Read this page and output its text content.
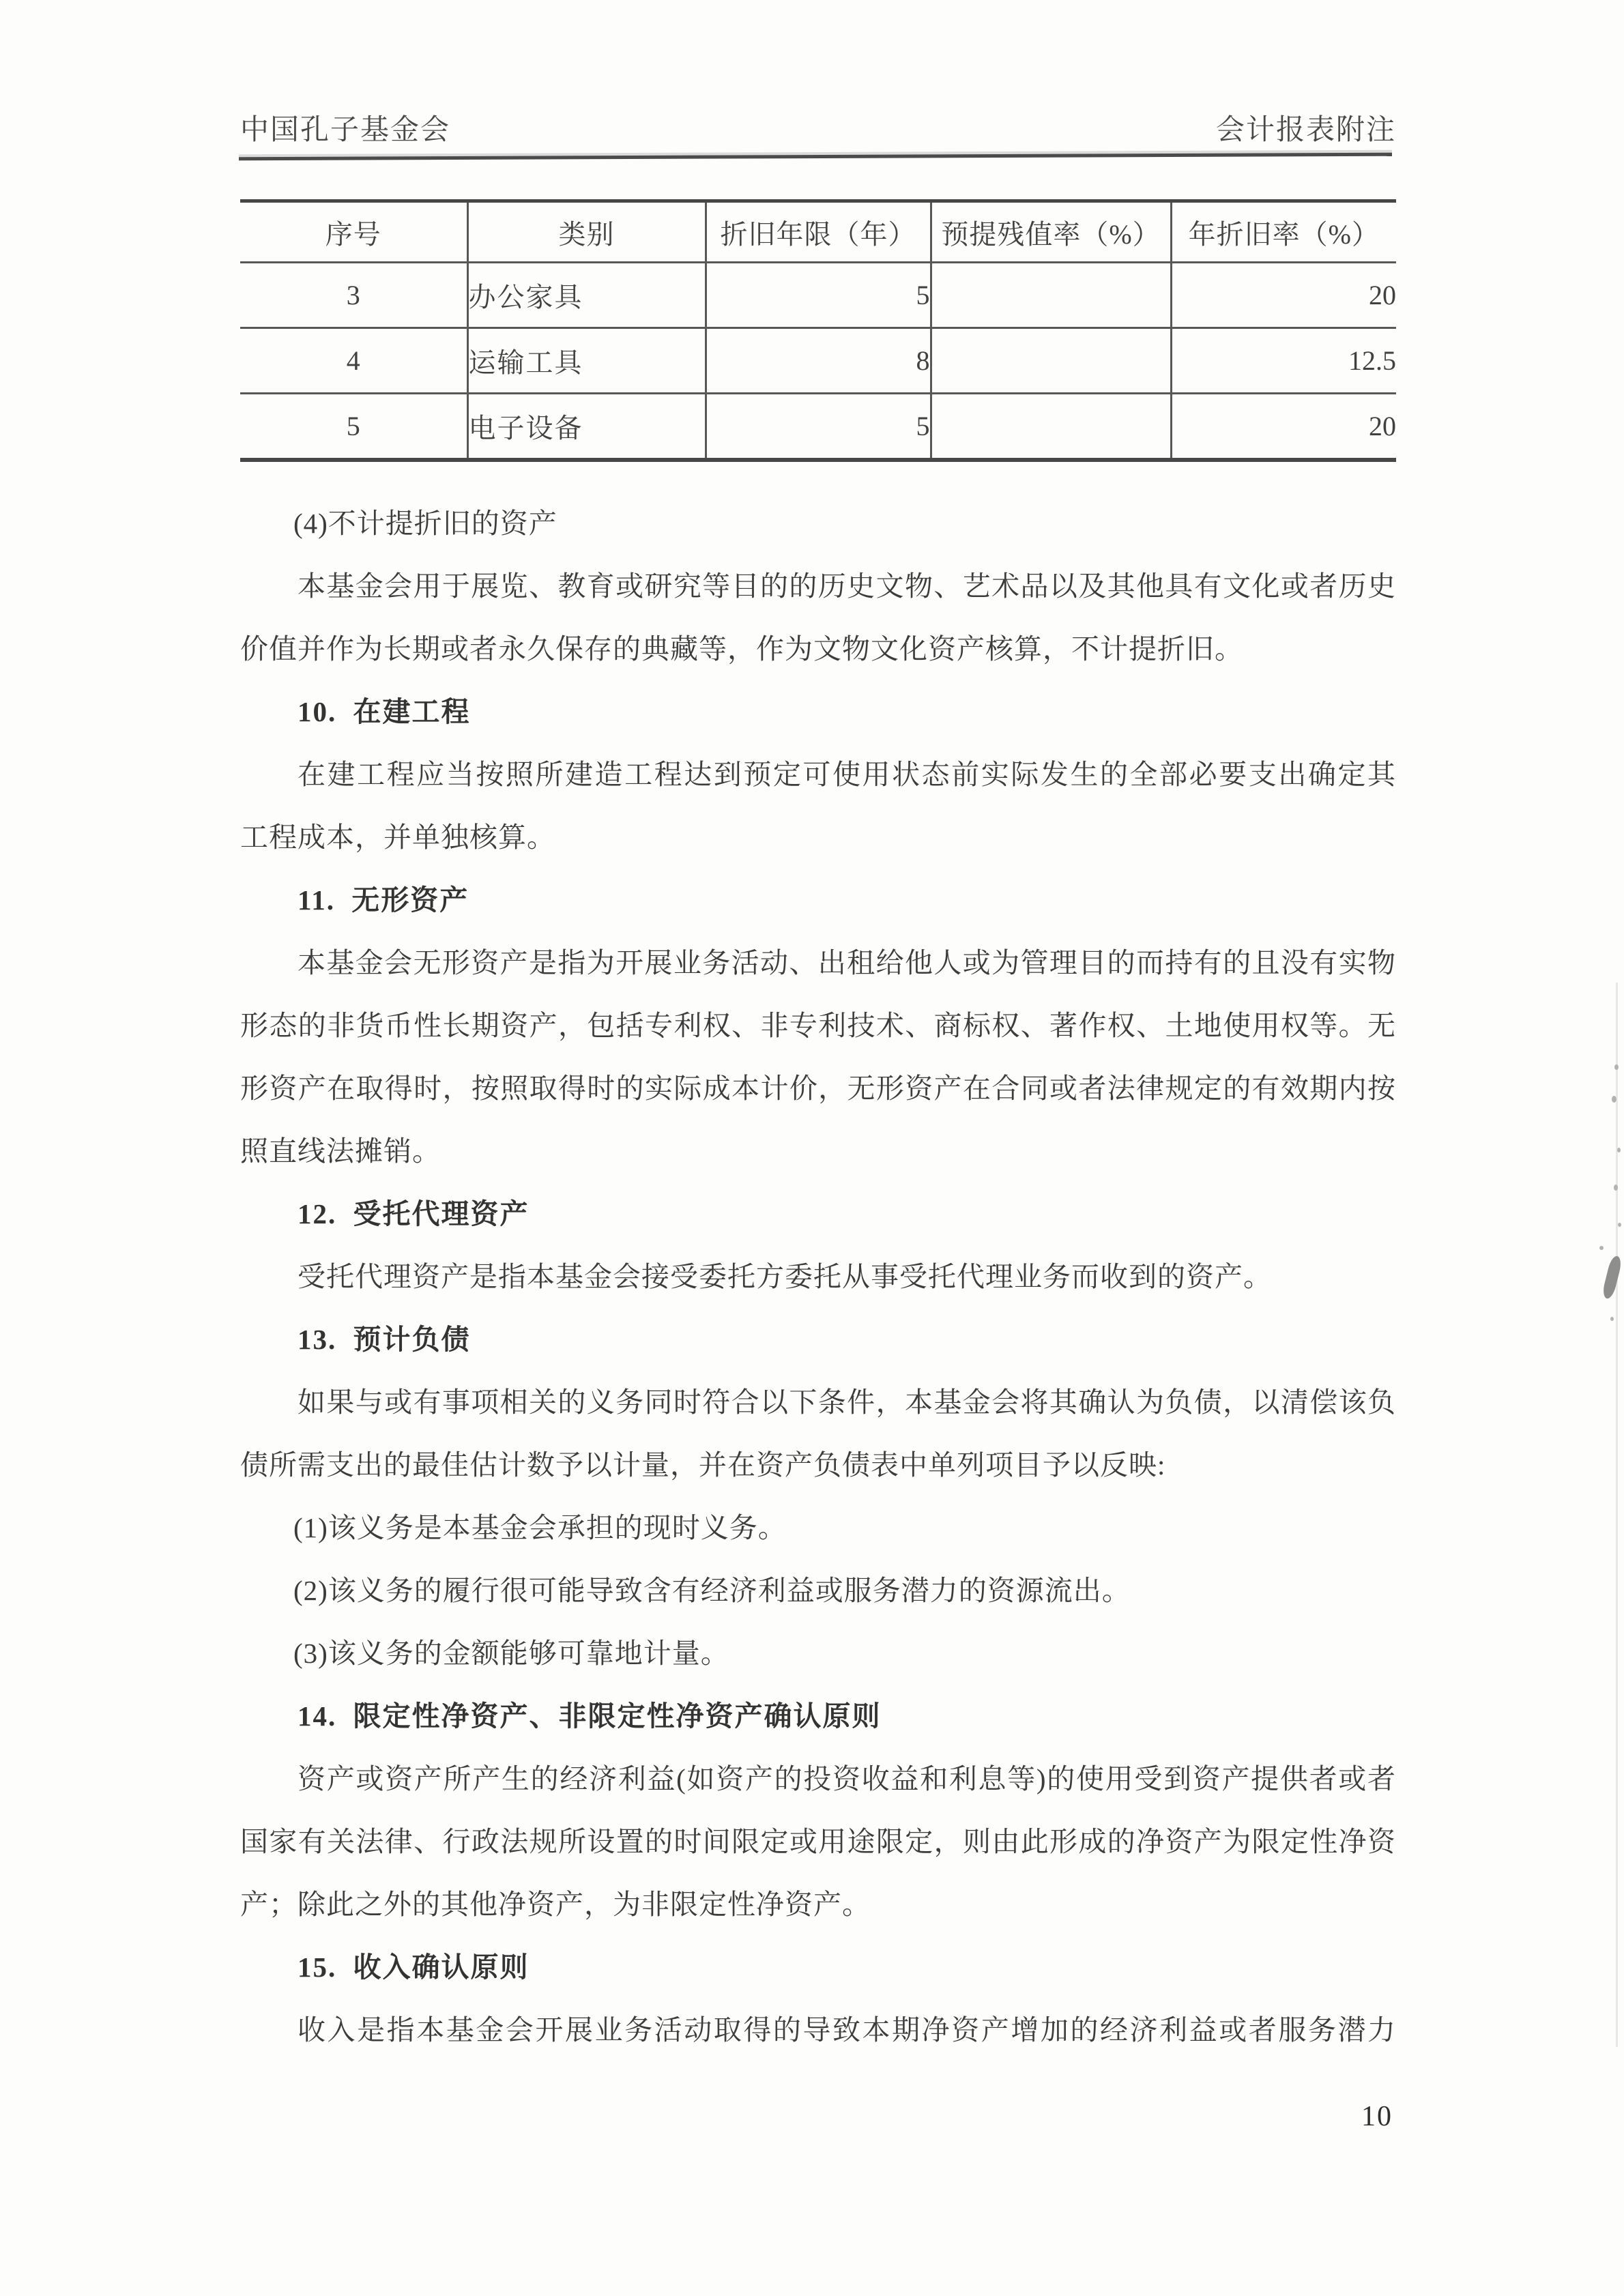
中国孔子基金会	会计报表附注
序号	类别	折旧年限（年）	预提残值率（%）	年折旧率（%）
3	办公家具	5		20
4	运输工具	8		12.5
5	电子设备	5		20
(4)不计提折旧的资产
本基金会用于展览、教育或研究等目的的历史文物、艺术品以及其他具有文化或者历史
价值并作为长期或者永久保存的典藏等，作为文物文化资产核算，不计提折旧。
10. 在建工程
在建工程应当按照所建造工程达到预定可使用状态前实际发生的全部必要支出确定其
工程成本，并单独核算。
11. 无形资产
本基金会无形资产是指为开展业务活动、出租给他人或为管理目的而持有的且没有实物
形态的非货币性长期资产，包括专利权、非专利技术、商标权、著作权、土地使用权等。无
形资产在取得时，按照取得时的实际成本计价，无形资产在合同或者法律规定的有效期内按
照直线法摊销。
12. 受托代理资产
受托代理资产是指本基金会接受委托方委托从事受托代理业务而收到的资产。
13. 预计负债
如果与或有事项相关的义务同时符合以下条件，本基金会将其确认为负债，以清偿该负
债所需支出的最佳估计数予以计量，并在资产负债表中单列项目予以反映:
(1)该义务是本基金会承担的现时义务。
(2)该义务的履行很可能导致含有经济利益或服务潜力的资源流出。
(3)该义务的金额能够可靠地计量。
14. 限定性净资产、非限定性净资产确认原则
资产或资产所产生的经济利益(如资产的投资收益和利息等)的使用受到资产提供者或者
国家有关法律、行政法规所设置的时间限定或用途限定，则由此形成的净资产为限定性净资
产；除此之外的其他净资产，为非限定性净资产。
15. 收入确认原则
收入是指本基金会开展业务活动取得的导致本期净资产增加的经济利益或者服务潜力
10
